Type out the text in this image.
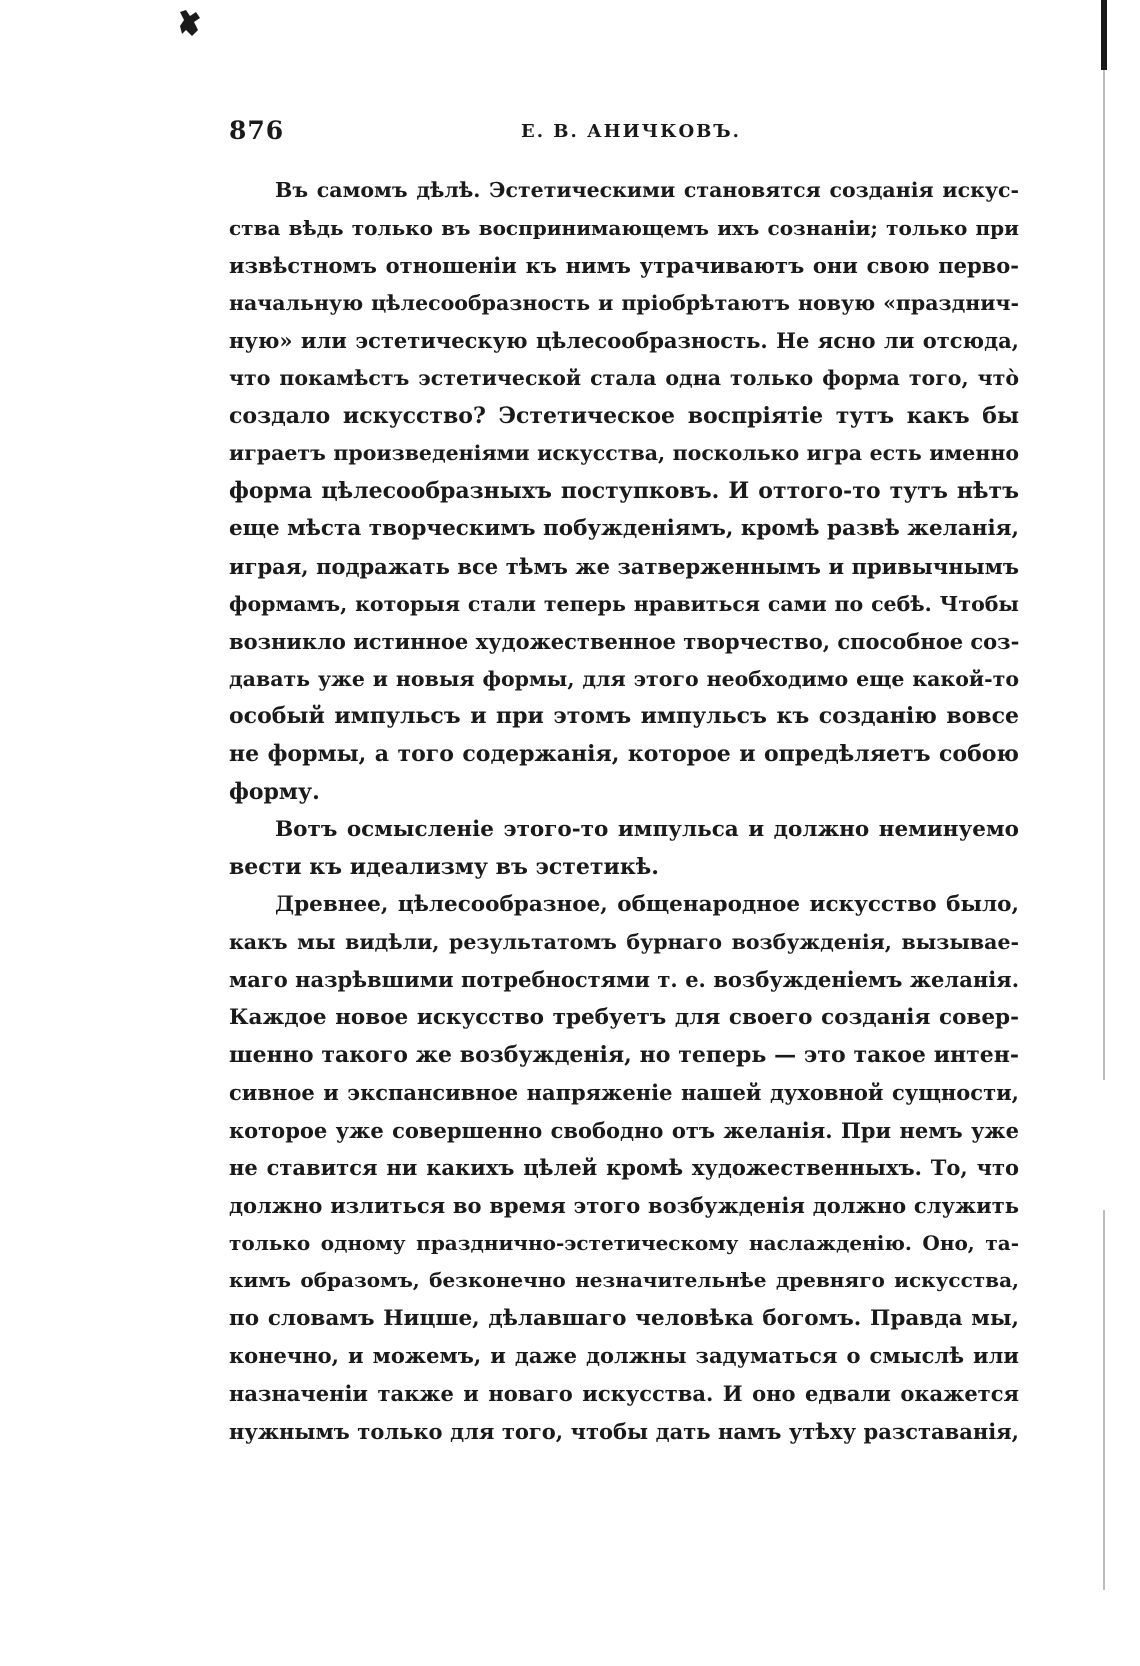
876	Е. В. АНИЧКОВЪ.

Въ самомъ дѣлѣ. Эстетическими становятся созданія искус-
ства вѣдь только въ воспринимающемъ ихъ сознаніи; только при
извѣстномъ отношеніи къ нимъ утрачиваютъ они свою перво-
начальную цѣлесообразность и пріобрѣтаютъ новую «празднич-
ную» или эстетическую цѣлесообразность. Не ясно ли отсюда,
что покамѣстъ эстетической стала одна только форма того, чтò
создало искусство? Эстетическое воспріятіе тутъ какъ бы
играетъ произведеніями искусства, посколько игра есть именно
форма цѣлесообразныхъ поступковъ. И оттого-то тутъ нѣтъ
еще мѣста творческимъ побужденіямъ, кромѣ развѣ желанія,
играя, подражать все тѣмъ же затверженнымъ и привычнымъ
формамъ, которыя стали теперь нравиться сами по себѣ. Чтобы
возникло истинное художественное творчество, способное соз-
давать уже и новыя формы, для этого необходимо еще какой-то
особый импульсъ и при этомъ импульсъ къ созданію вовсе
не формы, а того содержанія, которое и опредѣляетъ собою
форму.

Вотъ осмысленіе этого-то импульса и должно неминуемо
вести къ идеализму въ эстетикѣ.

Древнее, цѣлесообразное, общенародное искусство было,
какъ мы видѣли, результатомъ бурнаго возбужденія, вызывае-
маго назрѣвшими потребностями т. е. возбужденіемъ желанія.
Каждое новое искусство требуетъ для своего созданія совер-
шенно такого же возбужденія, но теперь — это такое интен-
сивное и экспансивное напряженіе нашей духовной сущности,
которое уже совершенно свободно отъ желанія. При немъ уже
не ставится ни какихъ цѣлей кромѣ художественныхъ. То, что
должно излиться во время этого возбужденія должно служить
только одному празднично-эстетическому наслажденію. Оно, та-
кимъ образомъ, безконечно незначительнѣе древняго искусства,
по словамъ Ницше, дѣлавшаго человѣка богомъ. Правда мы,
конечно, и можемъ, и даже должны задуматься о смыслѣ или
назначеніи также и новаго искусства. И оно едвали окажется
нужнымъ только для того, чтобы дать намъ утѣху разставанія,
